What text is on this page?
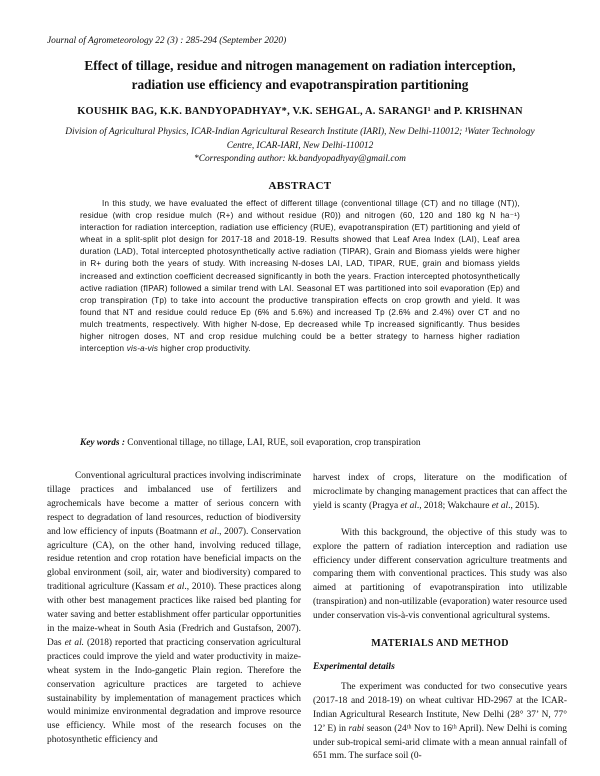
Journal of Agrometeorology 22 (3) : 285-294 (September 2020)
Effect of tillage, residue and nitrogen management on radiation interception,
radiation use efficiency and evapotranspiration partitioning
KOUSHIK BAG, K.K. BANDYOPADHYAY*, V.K. SEHGAL, A. SARANGI¹ and P. KRISHNAN
Division of Agricultural Physics, ICAR-Indian Agricultural Research Institute (IARI), New Delhi-110012; ¹Water Technology
Centre, ICAR-IARI, New Delhi-110012
*Corresponding author: kk.bandyopadhyay@gmail.com
ABSTRACT
In this study, we have evaluated the effect of different tillage (conventional tillage (CT) and no tillage (NT)), residue (with crop residue mulch (R+) and without residue (R0)) and nitrogen (60, 120 and 180 kg N ha⁻¹) interaction for radiation interception, radiation use efficiency (RUE), evapotranspiration (ET) partitioning and yield of wheat in a split-split plot design for 2017-18 and 2018-19. Results showed that Leaf Area Index (LAI), Leaf area duration (LAD), Total intercepted photosynthetically active radiation (TIPAR), Grain and Biomass yields were higher in R+ during both the years of study. With increasing N-doses LAI, LAD, TIPAR, RUE, grain and biomass yields increased and extinction coefficient decreased significantly in both the years. Fraction intercepted photosynthetically active radiation (fIPAR) followed a similar trend with LAI. Seasonal ET was partitioned into soil evaporation (Ep) and crop transpiration (Tp) to take into account the productive transpiration effects on crop growth and yield. It was found that NT and residue could reduce Ep (6% and 5.6%) and increased Tp (2.6% and 2.4%) over CT and no mulch treatments, respectively. With higher N-dose, Ep decreased while Tp increased significantly. Thus besides higher nitrogen doses, NT and crop residue mulching could be a better strategy to harness higher radiation interception vis-a-vis higher crop productivity.
Key words : Conventional tillage, no tillage, LAI, RUE, soil evaporation, crop transpiration

Conventional agricultural practices involving indiscriminate tillage practices and imbalanced use of fertilizers and agrochemicals have become a matter of serious concern with respect to degradation of land resources, reduction of biodiversity and low efficiency of inputs (Boatmann et al., 2007). Conservation agriculture (CA), on the other hand, involving reduced tillage, residue retention and crop rotation have beneficial impacts on the global environment (soil, air, water and biodiversity) compared to traditional agriculture (Kassam et al., 2010). These practices along with other best management practices like raised bed planting for water saving and better establishment offer particular opportunities in the maize-wheat in South Asia (Fredrich and Gustafson, 2007). Das et al. (2018) reported that practicing conservation agricultural practices could improve the yield and water productivity in maize-wheat system in the Indo-gangetic Plain region. Therefore the conservation agriculture practices are targeted to achieve sustainability by implementation of management practices which would minimize environmental degradation and improve resource use efficiency. While most of the research focuses on the photosynthetic efficiency and

harvest index of crops, literature on the modification of microclimate by changing management practices that can affect the yield is scanty (Pragya et al., 2018; Wakchaure et al., 2015).

With this background, the objective of this study was to explore the pattern of radiation interception and radiation use efficiency under different conservation agriculture treatments and comparing them with conventional practices. This study was also aimed at partitioning of evapotranspiration into utilizable (transpiration) and non-utilizable (evaporation) water resource used under conservation vis-à-vis conventional agricultural systems.

MATERIALS AND METHOD
Experimental details

The experiment was conducted for two consecutive years (2017-18 and 2018-19) on wheat cultivar HD-2967 at the ICAR-Indian Agricultural Research Institute, New Delhi (28° 37’ N, 77° 12’ E) in rabi season (24ᵗʰ Nov to 16ᵗʰ April). New Delhi is coming under sub-tropical semi-arid climate with a mean annual rainfall of 651 mm. The surface soil (0-
